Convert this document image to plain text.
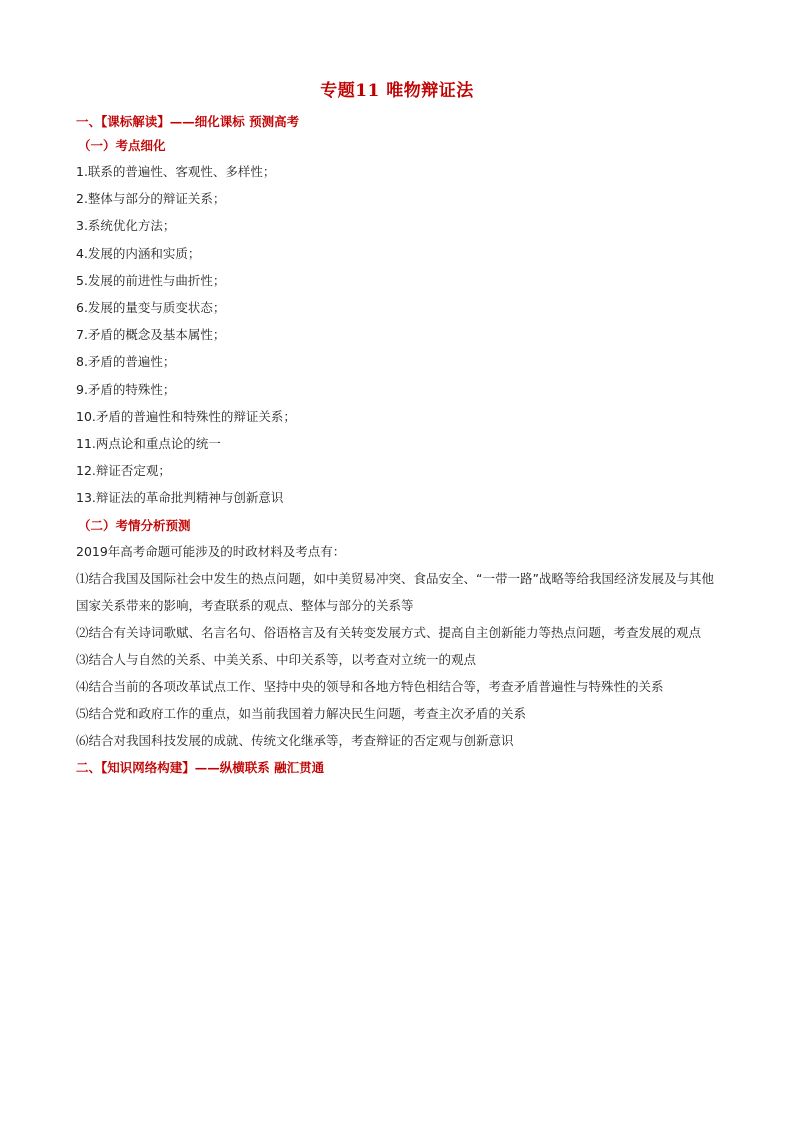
专题11 唯物辩证法
一、【课标解读】——细化课标 预测高考
（一）考点细化
1.联系的普遍性、客观性、多样性；
2.整体与部分的辩证关系；
3.系统优化方法；
4.发展的内涵和实质；
5.发展的前进性与曲折性；
6.发展的量变与质变状态；
7.矛盾的概念及基本属性；
8.矛盾的普遍性；
9.矛盾的特殊性；
10.矛盾的普遍性和特殊性的辩证关系；
11.两点论和重点论的统一
12.辩证否定观；
13.辩证法的革命批判精神与创新意识
（二）考情分析预测
2019年高考命题可能涉及的时政材料及考点有：
⑴结合我国及国际社会中发生的热点问题，如中美贸易冲突、食品安全、“一带一路”战略等给我国经济发展及与其他国家关系带来的影响，考查联系的观点、整体与部分的关系等
⑵结合有关诗词歌赋、名言名句、俗语格言及有关转变发展方式、提高自主创新能力等热点问题，考查发展的观点
⑶结合人与自然的关系、中美关系、中印关系等，以考查对立统一的观点
⑷结合当前的各项改革试点工作、坚持中央的领导和各地方特色相结合等，考查矛盾普遍性与特殊性的关系
⑸结合党和政府工作的重点，如当前我国着力解决民生问题，考查主次矛盾的关系
⑹结合对我国科技发展的成就、传统文化继承等，考查辩证的否定观与创新意识
二、【知识网络构建】——纵横联系 融汇贯通
